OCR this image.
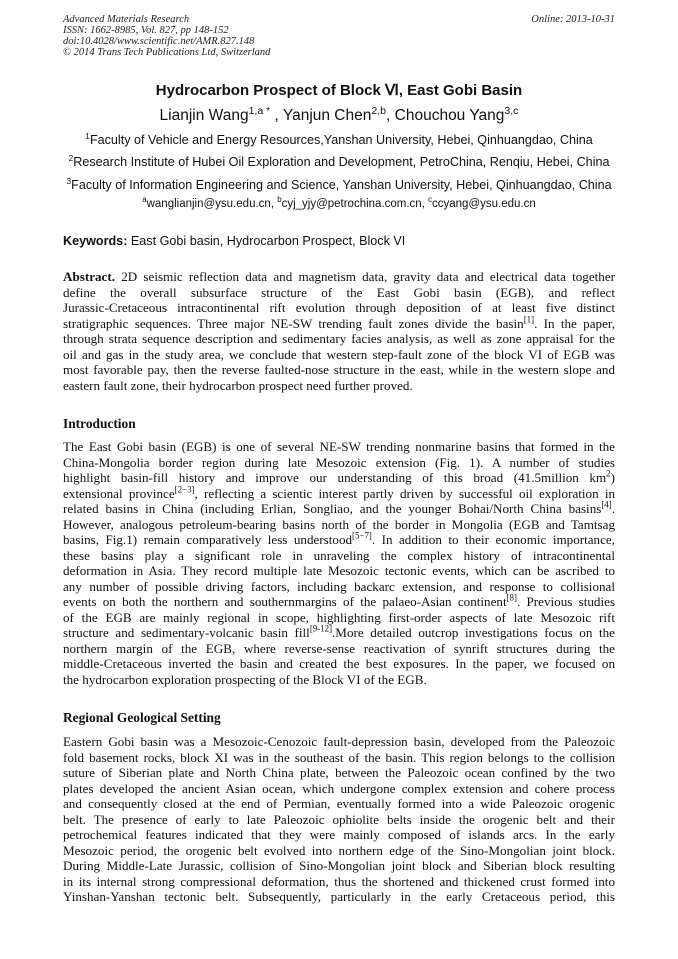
Advanced Materials Research
ISSN: 1662-8985, Vol. 827, pp 148-152
doi:10.4028/www.scientific.net/AMR.827.148
© 2014 Trans Tech Publications Ltd, Switzerland
Online: 2013-10-31
Hydrocarbon Prospect of Block Ⅵ, East Gobi Basin
Lianjin Wang$^{1,a *}$ , Yanjun Chen$^{2,b}$, Chouchou Yang$^{3,c}$
$^1$Faculty of Vehicle and Energy Resources,Yanshan University, Hebei, Qinhuangdao, China
$^2$Research Institute of Hubei Oil Exploration and Development, PetroChina, Renqiu, Hebei, China
$^3$Faculty of Information Engineering and Science, Yanshan University, Hebei, Qinhuangdao, China
$^a$wanglianjin@ysu.edu.cn, $^b$cyj_yjy@petrochina.com.cn, $^c$ccyang@ysu.edu.cn
Keywords: East Gobi basin, Hydrocarbon Prospect, Block VI
Abstract. 2D seismic reflection data and magnetism data, gravity data and electrical data together
define the overall subsurface structure of the East Gobi basin (EGB), and reflect
Jurassic-Cretaceous intracontinental rift evolution through deposition of at least five distinct
stratigraphic sequences. Three major NE-SW trending fault zones divide the basin[1]. In the paper,
through strata sequence description and sedimentary facies analysis, as well as zone appraisal for the
oil and gas in the study area, we conclude that western step-fault zone of the block VI of EGB was
most favorable pay, then the reverse faulted-nose structure in the east, while in the western slope and
eastern fault zone, their hydrocarbon prospect need further proved.
Introduction
The East Gobi basin (EGB) is one of several NE-SW trending nonmarine basins that formed in the
China-Mongolia border region during late Mesozoic extension (Fig. 1). A number of studies
highlight basin-fill history and improve our understanding of this broad (41.5million $km^2$)
extensional province[2−3], reflecting a scientic interest partly driven by successful oil exploration in
related basins in China (including Erlian, Songliao, and the younger Bohai/North China basins[4].
However, analogous petroleum-bearing basins north of the border in Mongolia (EGB and Tamtsag
basins, Fig.1) remain comparatively less understood[5−7]. In addition to their economic importance,
these basins play a significant role in unraveling the complex history of intracontinental
deformation in Asia. They record multiple late Mesozoic tectonic events, which can be ascribed to
any number of possible driving factors, including backarc extension, and response to collisional
events on both the northern and southernmargins of the palaeo-Asian continent[8]. Previous studies
of the EGB are mainly regional in scope, highlighting first-order aspects of late Mesozoic rift
structure and sedimentary-volcanic basin fill[9-12].More detailed outcrop investigations focus on the
northern margin of the EGB, where reverse-sense reactivation of synrift structures during the
middle-Cretaceous inverted the basin and created the best exposures. In the paper, we focused on
the hydrocarbon exploration prospecting of the Block VI of the EGB.
Regional Geological Setting
Eastern Gobi basin was a Mesozoic-Cenozoic fault-depression basin, developed from the Paleozoic
fold basement rocks, block XI was in the southeast of the basin. This region belongs to the collision
suture of Siberian plate and North China plate, between the Paleozoic ocean confined by the two
plates developed the ancient Asian ocean, which undergone complex extension and cohere process
and consequently closed at the end of Permian, eventually formed into a wide Paleozoic orogenic
belt. The presence of early to late Paleozoic ophiolite belts inside the orogenic belt and their
petrochemical features indicated that they were mainly composed of islands arcs. In the early
Mesozoic period, the orogenic belt evolved into northern edge of the Sino-Mongolian joint block.
During Middle-Late Jurassic, collision of Sino-Mongolian joint block and Siberian block resulting
in its internal strong compressional deformation, thus the shortened and thickened crust formed into
Yinshan-Yanshan tectonic belt. Subsequently, particularly in the early Cretaceous period, this
